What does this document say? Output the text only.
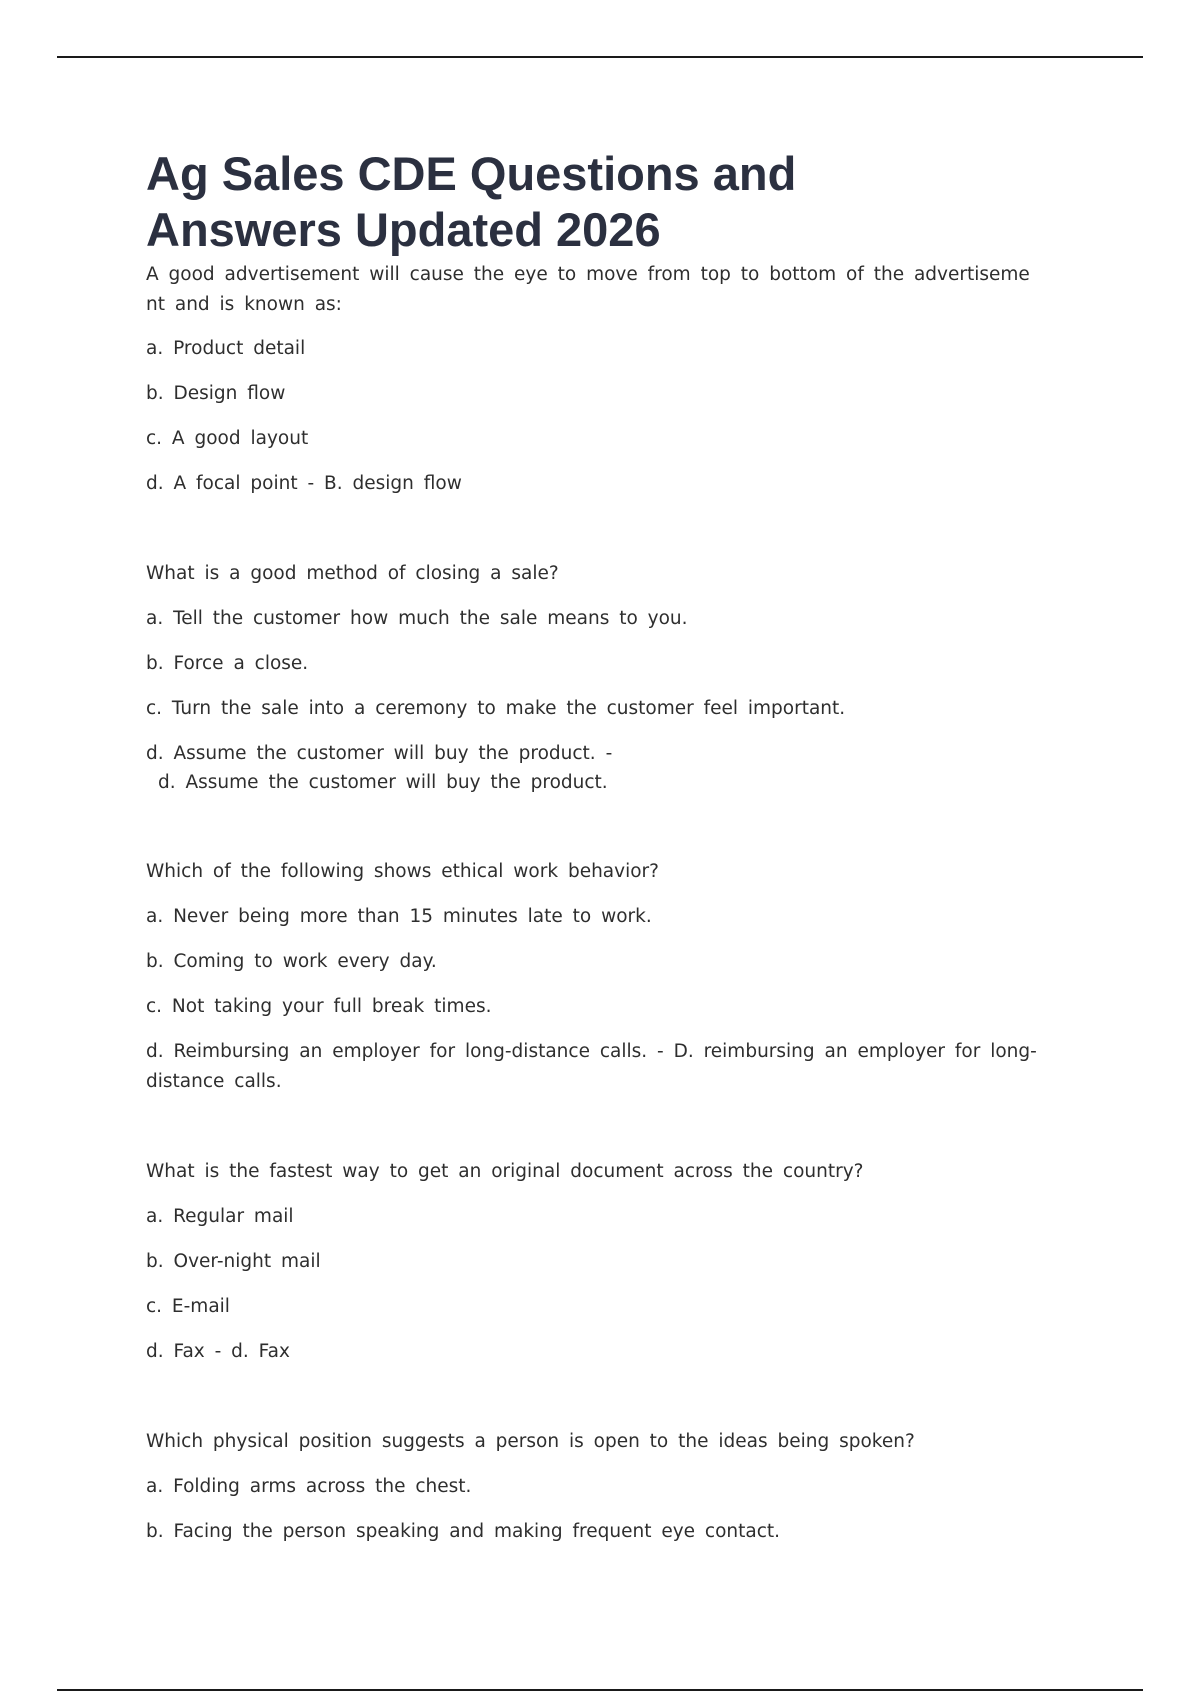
Ag Sales CDE Questions and Answers Updated 2026

A good advertisement will cause the eye to move from top to bottom of the advertiseme nt and is known as:

a. Product detail

b. Design flow

c. A good layout

d. A focal point - B. design flow

What is a good method of closing a sale?

a. Tell the customer how much the sale means to you.

b. Force a close.

c. Turn the sale into a ceremony to make the customer feel important.

d. Assume the customer will buy the product. -

d. Assume the customer will buy the product.

Which of the following shows ethical work behavior?

a. Never being more than 15 minutes late to work.

b. Coming to work every day.

c. Not taking your full break times.

d. Reimbursing an employer for long-distance calls. - D. reimbursing an employer for long-distance calls.

What is the fastest way to get an original document across the country?

a. Regular mail

b. Over-night mail

c. E-mail

d. Fax - d. Fax

Which physical position suggests a person is open to the ideas being spoken?

a. Folding arms across the chest.

b. Facing the person speaking and making frequent eye contact.
